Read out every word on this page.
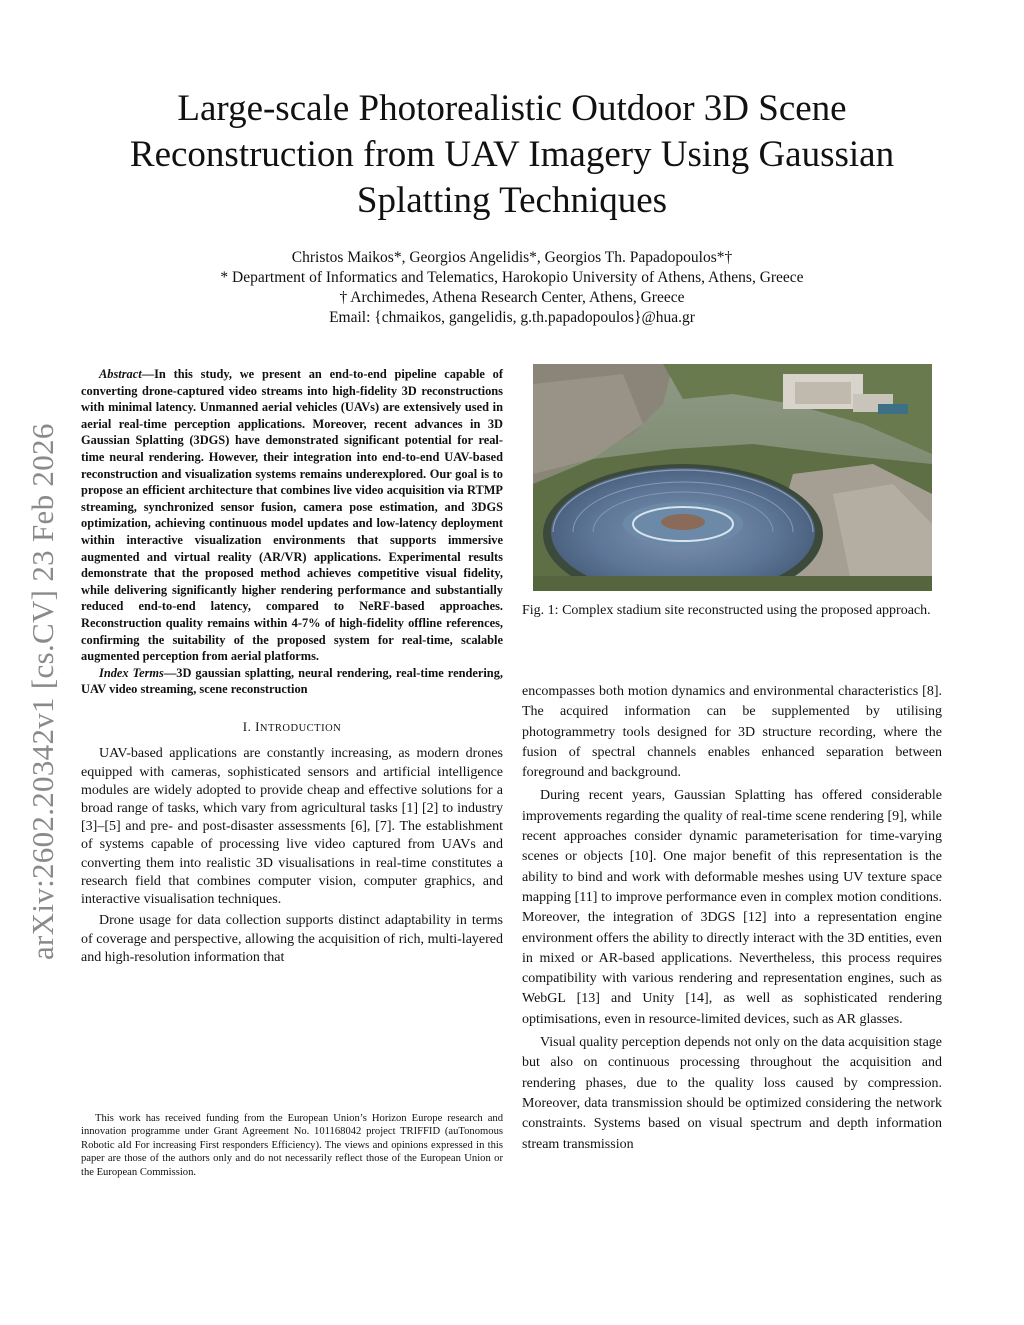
Large-scale Photorealistic Outdoor 3D Scene
Reconstruction from UAV Imagery Using Gaussian
Splatting Techniques
Christos Maikos*, Georgios Angelidis*, Georgios Th. Papadopoulos*†
* Department of Informatics and Telematics, Harokopio University of Athens, Athens, Greece
† Archimedes, Athena Research Center, Athens, Greece
Email: {chmaikos, gangelidis, g.th.papadopoulos}@hua.gr
arXiv:2602.20342v1 [cs.CV] 23 Feb 2026

Abstract—In this study, we present an end-to-end pipeline capable of converting drone-captured video streams into high-fidelity 3D reconstructions with minimal latency. Unmanned aerial vehicles (UAVs) are extensively used in aerial real-time perception applications. Moreover, recent advances in 3D Gaussian Splatting (3DGS) have demonstrated significant potential for real-time neural rendering. However, their integration into end-to-end UAV-based reconstruction and visualization systems remains underexplored. Our goal is to propose an efficient architecture that combines live video acquisition via RTMP streaming, synchronized sensor fusion, camera pose estimation, and 3DGS optimization, achieving continuous model updates and low-latency deployment within interactive visualization environments that supports immersive augmented and virtual reality (AR/VR) applications. Experimental results demonstrate that the proposed method achieves competitive visual fidelity, while delivering significantly higher rendering performance and substantially reduced end-to-end latency, compared to NeRF-based approaches. Reconstruction quality remains within 4-7% of high-fidelity offline references, confirming the suitability of the proposed system for real-time, scalable augmented perception from aerial platforms.

Index Terms—3D gaussian splatting, neural rendering, real-time rendering, UAV video streaming, scene reconstruction

I. INTRODUCTION

UAV-based applications are constantly increasing, as modern drones equipped with cameras, sophisticated sensors and artificial intelligence modules are widely adopted to provide cheap and effective solutions for a broad range of tasks, which vary from agricultural tasks [1] [2] to industry [3]–[5] and pre- and post-disaster assessments [6], [7]. The establishment of systems capable of processing live video captured from UAVs and converting them into realistic 3D visualisations in real-time constitutes a research field that combines computer vision, computer graphics, and interactive visualisation techniques.

Drone usage for data collection supports distinct adaptability in terms of coverage and perspective, allowing the acquisition of rich, multi-layered and high-resolution information that

This work has received funding from the European Union’s Horizon Europe research and innovation programme under Grant Agreement No. 101168042 project TRIFFID (auTonomous Robotic aId For increasing First responders Efficiency). The views and opinions expressed in this paper are those of the authors only and do not necessarily reflect those of the European Union or the European Commission.

Fig. 1: Complex stadium site reconstructed using the proposed approach.

encompasses both motion dynamics and environmental characteristics [8]. The acquired information can be supplemented by utilising photogrammetry tools designed for 3D structure recording, where the fusion of spectral channels enables enhanced separation between foreground and background.

During recent years, Gaussian Splatting has offered considerable improvements regarding the quality of real-time scene rendering [9], while recent approaches consider dynamic parameterisation for time-varying scenes or objects [10]. One major benefit of this representation is the ability to bind and work with deformable meshes using UV texture space mapping [11] to improve performance even in complex motion conditions. Moreover, the integration of 3DGS [12] into a representation engine environment offers the ability to directly interact with the 3D entities, even in mixed or AR-based applications. Nevertheless, this process requires compatibility with various rendering and representation engines, such as WebGL [13] and Unity [14], as well as sophisticated rendering optimisations, even in resource-limited devices, such as AR glasses.

Visual quality perception depends not only on the data acquisition stage but also on continuous processing throughout the acquisition and rendering phases, due to the quality loss caused by compression. Moreover, data transmission should be optimized considering the network constraints. Systems based on visual spectrum and depth information stream transmission
